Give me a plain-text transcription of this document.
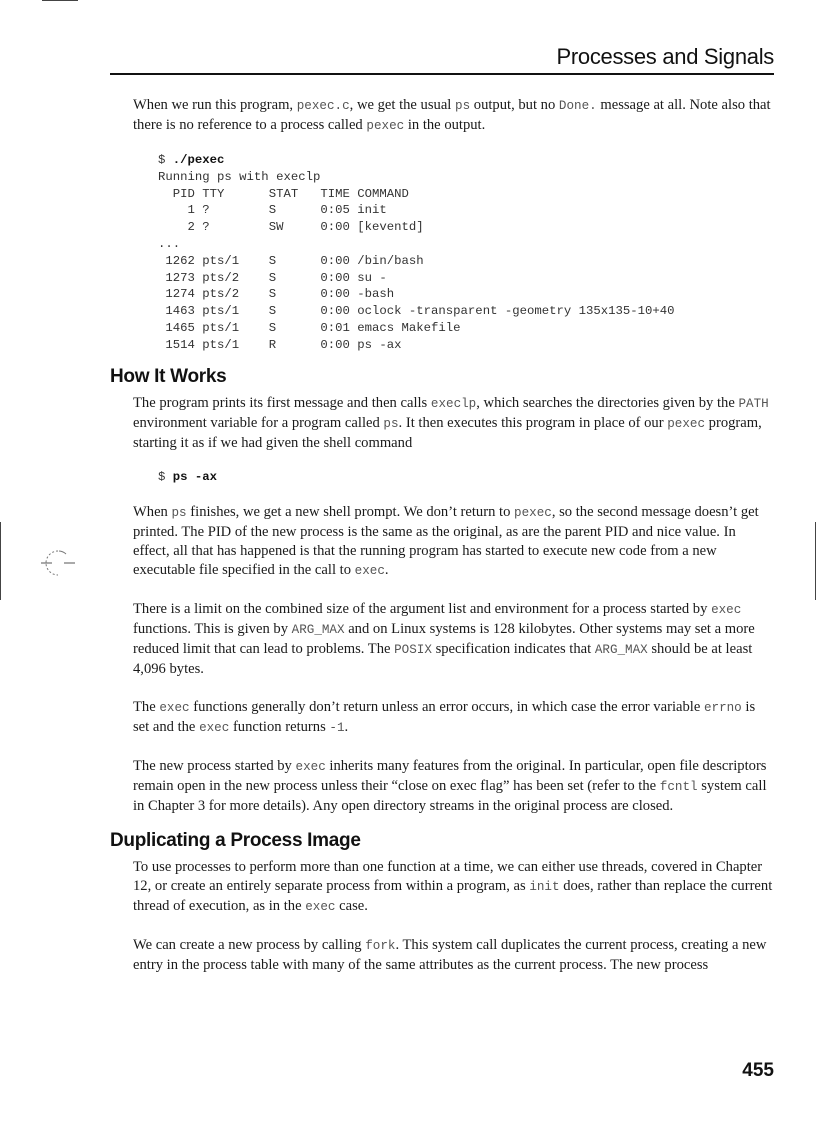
Processes and Signals

When we run this program, pexec.c, we get the usual ps output, but no Done. message at all. Note also that there is no reference to a process called pexec in the output.

$ ./pexec
Running ps with execlp
PID TTY      STAT   TIME COMMAND
1 ?        S      0:05 init
2 ?        SW     0:00 [keventd]
...
1262 pts/1    S      0:00 /bin/bash
1273 pts/2    S      0:00 su -
1274 pts/2    S      0:00 -bash
1463 pts/1    S      0:00 oclock -transparent -geometry 135x135-10+40
1465 pts/1    S      0:01 emacs Makefile
1514 pts/1    R      0:00 ps -ax
How It Works

The program prints its first message and then calls execlp, which searches the directories given by the PATH environment variable for a program called ps. It then executes this program in place of our pexec program, starting it as if we had given the shell command

$ ps -ax

When ps finishes, we get a new shell prompt. We don’t return to pexec, so the second message doesn’t get printed. The PID of the new process is the same as the original, as are the parent PID and nice value. In effect, all that has happened is that the running program has started to execute new code from a new executable file specified in the call to exec.

There is a limit on the combined size of the argument list and environment for a process started by exec functions. This is given by ARG_MAX and on Linux systems is 128 kilobytes. Other systems may set a more reduced limit that can lead to problems. The POSIX specification indicates that ARG_MAX should be at least 4,096 bytes.

The exec functions generally don’t return unless an error occurs, in which case the error variable errno is set and the exec function returns -1.

The new process started by exec inherits many features from the original. In particular, open file descriptors remain open in the new process unless their “close on exec flag” has been set (refer to the fcntl system call in Chapter 3 for more details). Any open directory streams in the original process are closed.

Duplicating a Process Image

To use processes to perform more than one function at a time, we can either use threads, covered in Chapter 12, or create an entirely separate process from within a program, as init does, rather than replace the current thread of execution, as in the exec case.

We can create a new process by calling fork. This system call duplicates the current process, creating a new entry in the process table with many of the same attributes as the current process. The new process

455
